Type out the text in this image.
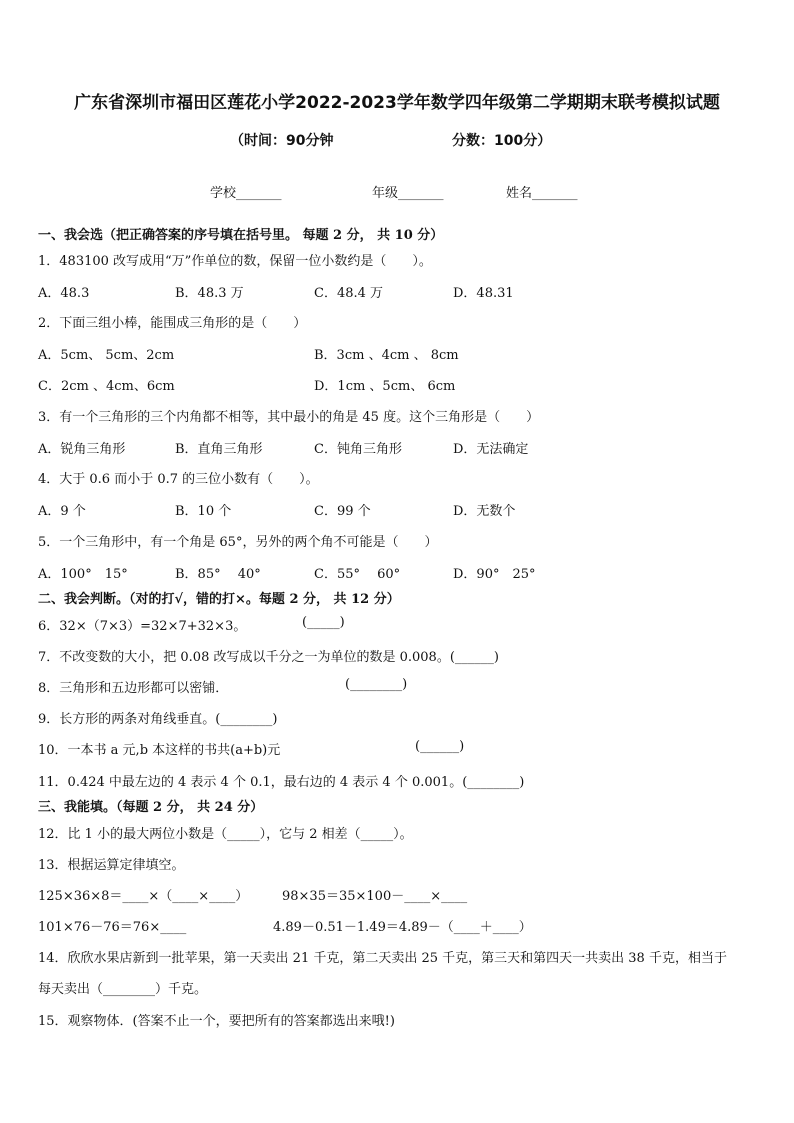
广东省深圳市福田区莲花小学2022-2023学年数学四年级第二学期期末联考模拟试题
（时间：90分钟	分数：100分）
学校_______	年级_______	姓名_______
一、我会选（把正确答案的序号填在括号里。 每题 2 分， 共 10 分）
1．483100 改写成用“万”作单位的数，保留一位小数约是（　　）。
A．48.3	B．48.3 万	C．48.4 万	D．48.31
2．下面三组小棒，能围成三角形的是（　　）
A．5cm、 5cm、2cm	B．3cm 、4cm 、 8cm
C．2cm 、4cm、6cm	D．1cm 、5cm、 6cm
3．有一个三角形的三个内角都不相等，其中最小的角是 45 度。这个三角形是（　　）
A．锐角三角形	B．直角三角形	C．钝角三角形	D．无法确定
4．大于 0.6 而小于 0.7 的三位小数有（　　）。
A．9 个	B．10 个	C．99 个	D．无数个
5．一个三角形中，有一个角是 65°，另外的两个角不可能是（　　）
A．100°　15°	B．85°　 40°	C．55°　 60°	D．90°　25°
二、我会判断。（对的打√，错的打×。每题 2 分， 共 12 分）
6．32×（7×3）=32×7+32×3。	(_____)
7．不改变数的大小，把 0.08 改写成以千分之一为单位的数是 0.008。(______)
8．三角形和五边形都可以密铺．	(________)
9．长方形的两条对角线垂直。(________)
10．一本书 a 元,b 本这样的书共(a+b)元	(______)
11．0.424 中最左边的 4 表示 4 个 0.1，最右边的 4 表示 4 个 0.001。(________)
三、我能填。（每题 2 分， 共 24 分）
12．比 1 小的最大两位小数是（_____），它与 2 相差（_____）。
13．根据运算定律填空。
125×36×8＝____×（____×____）	98×35＝35×100－____×____
101×76－76＝76×____	4.89－0.51－1.49＝4.89－（____＋____）
14．欣欣水果店新到一批苹果，第一天卖出 21 千克，第二天卖出 25 千克，第三天和第四天一共卖出 38 千克，相当于
每天卖出（________）千克。
15．观察物体．(答案不止一个，要把所有的答案都选出来哦!)
